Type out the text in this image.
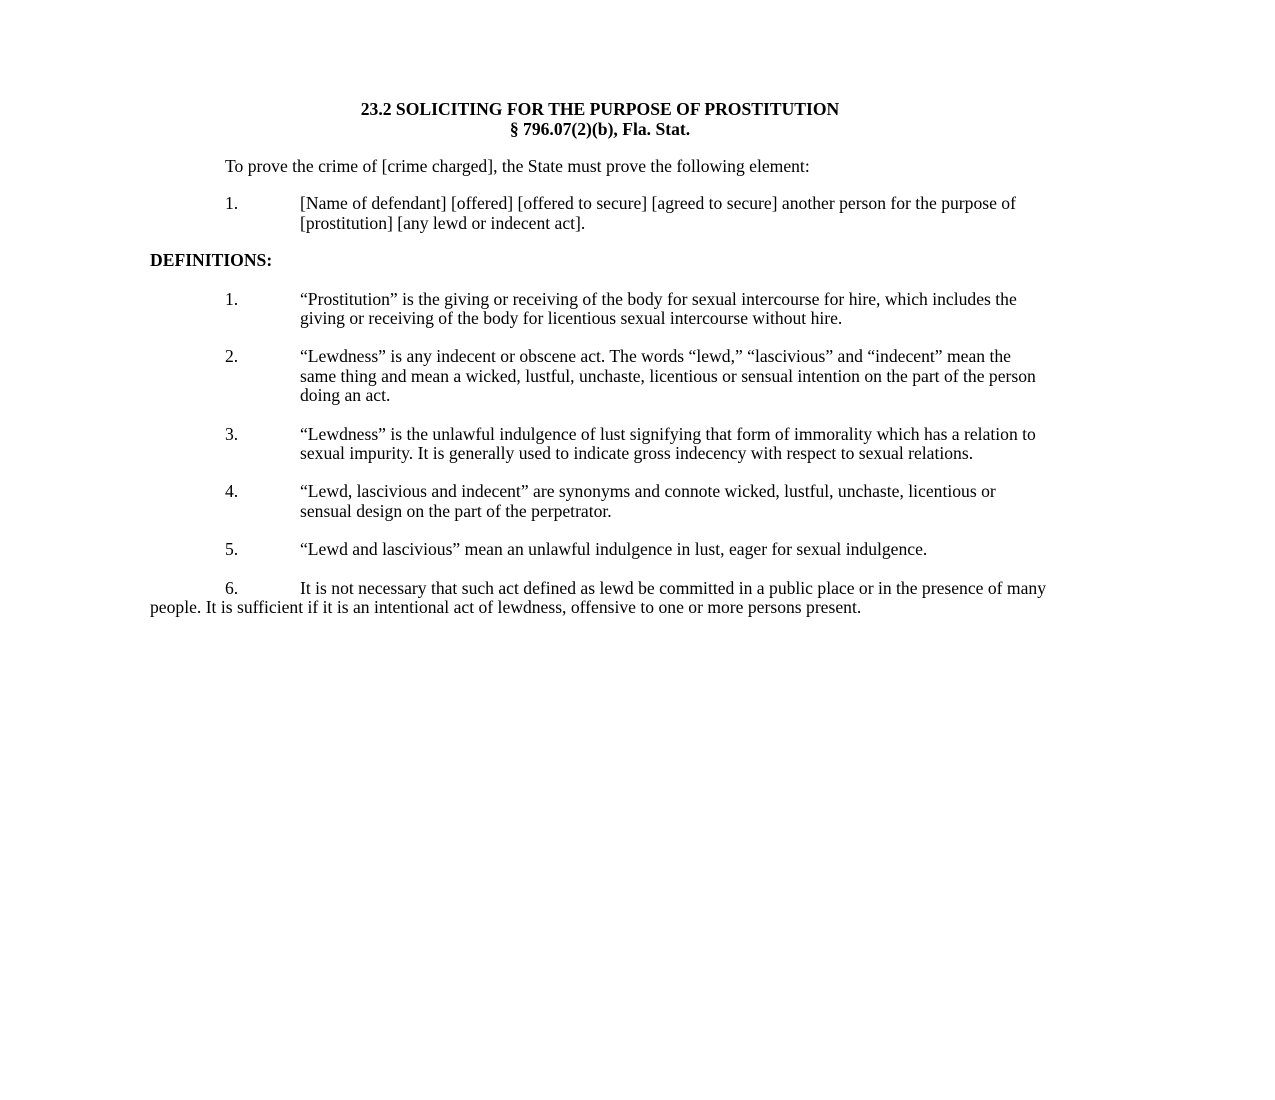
23.2 SOLICITING FOR THE PURPOSE OF PROSTITUTION
§ 796.07(2)(b), Fla. Stat.

To prove the crime of [crime charged], the State must prove the following element:

1.	[Name of defendant] [offered] [offered to secure] [agreed to secure] another person for the purpose of [prostitution] [any lewd or indecent act].

DEFINITIONS:

1.	“Prostitution” is the giving or receiving of the body for sexual intercourse for hire, which includes the giving or receiving of the body for licentious sexual intercourse without hire.
2.	“Lewdness” is any indecent or obscene act. The words “lewd,” “lascivious” and “indecent” mean the same thing and mean a wicked, lustful, unchaste, licentious or sensual intention on the part of the person doing an act.
3.	“Lewdness” is the unlawful indulgence of lust signifying that form of immorality which has a relation to sexual impurity. It is generally used to indicate gross indecency with respect to sexual relations.
4.	“Lewd, lascivious and indecent” are synonyms and connote wicked, lustful, unchaste, licentious or sensual design on the part of the perpetrator.
5.	“Lewd and lascivious” mean an unlawful indulgence in lust, eager for sexual indulgence.

6.	It is not necessary that such act defined as lewd be committed in a public place or in the presence of many people. It is sufficient if it is an intentional act of lewdness, offensive to one or more persons present.
